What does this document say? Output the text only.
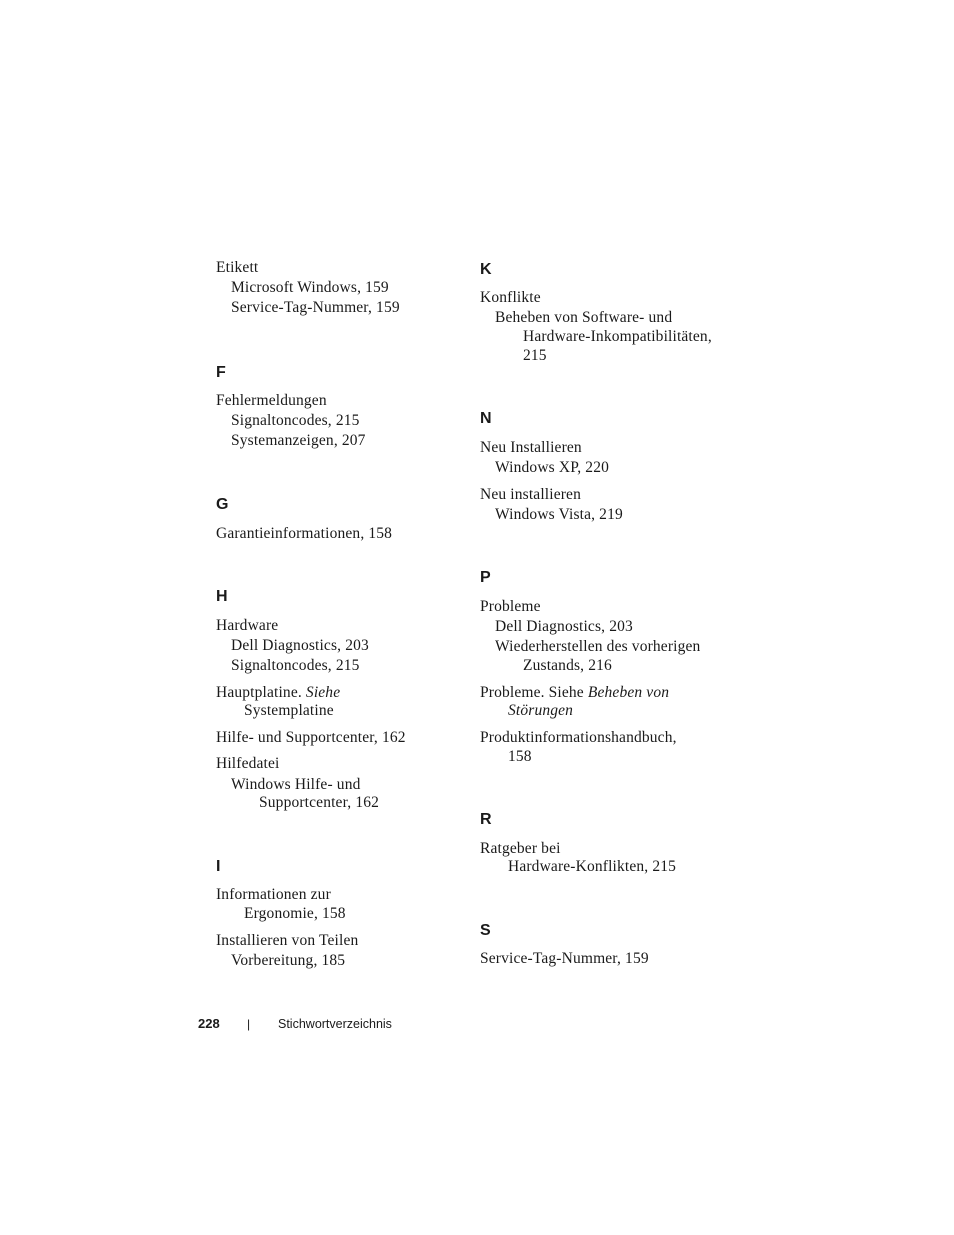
Etikett
Microsoft Windows, 159
Service-Tag-Nummer, 159
F
Fehlermeldungen
Signaltoncodes, 215
Systemanzeigen, 207
G
Garantieinformationen, 158
H
Hardware
Dell Diagnostics, 203
Signaltoncodes, 215
Hauptplatine. Siehe
Systemplatine
Hilfe- und Supportcenter, 162
Hilfedatei
Windows Hilfe- und
Supportcenter, 162
I
Informationen zur
Ergonomie, 158
Installieren von Teilen
Vorbereitung, 185
K
Konflikte
Beheben von Software- und
Hardware-Inkompatibilitäten,
215
N
Neu Installieren
Windows XP, 220
Neu installieren
Windows Vista, 219
P
Probleme
Dell Diagnostics, 203
Wiederherstellen des vorherigen
Zustands, 216
Probleme. Siehe Beheben von
Störungen
Produktinformationshandbuch,
158
R
Ratgeber bei
Hardware-Konflikten, 215
S
Service-Tag-Nummer, 159
228 | Stichwortverzeichnis
